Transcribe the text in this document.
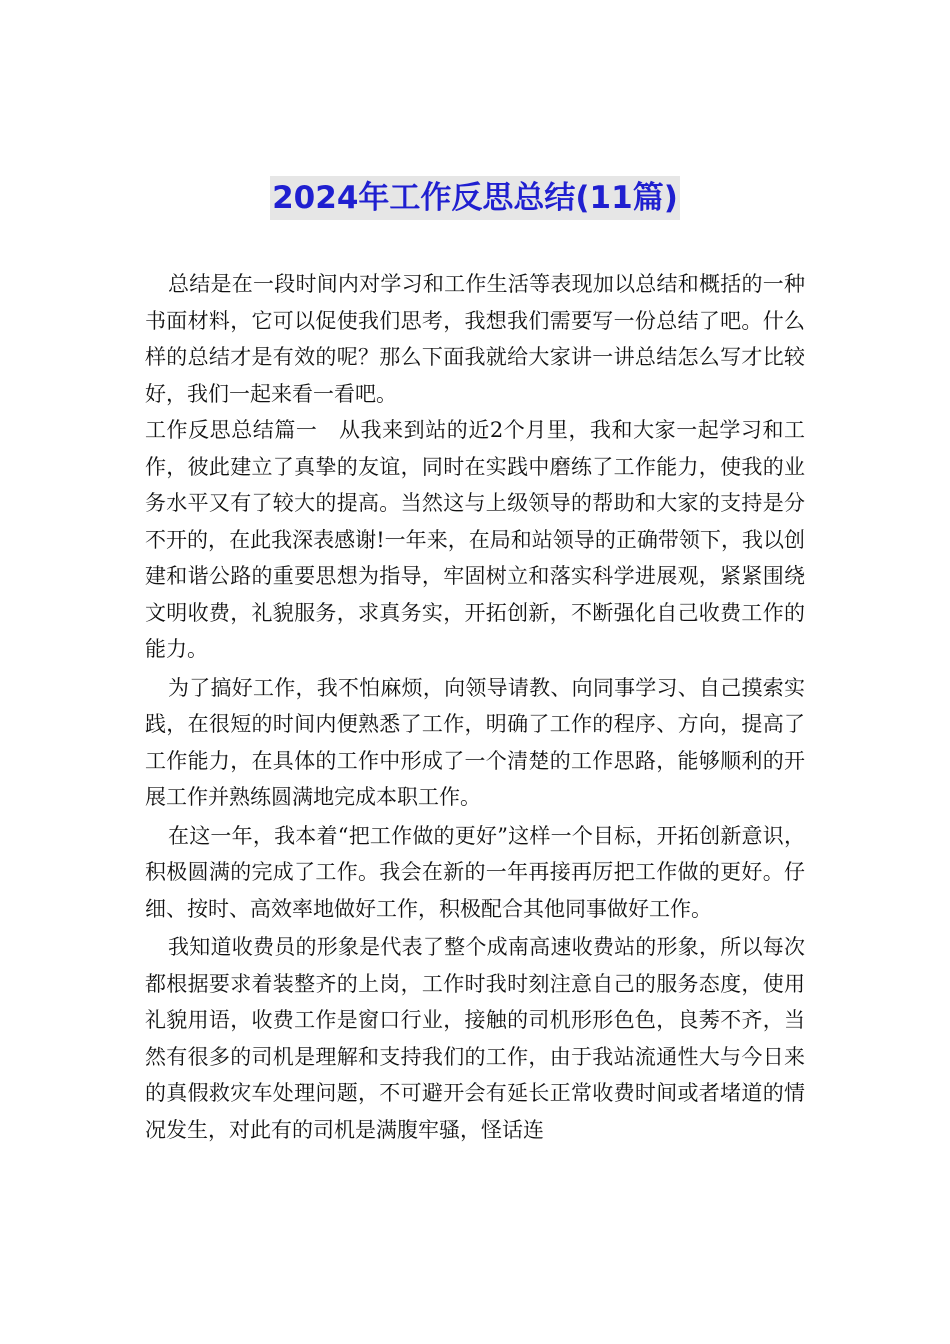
2024年工作反思总结(11篇)

总结是在一段时间内对学习和工作生活等表现加以总结和概括的一种书面材料，它可以促使我们思考，我想我们需要写一份总结了吧。什么样的总结才是有效的呢？那么下面我就给大家讲一讲总结怎么写才比较好，我们一起来看一看吧。

工作反思总结篇一　从我来到站的近2个月里，我和大家一起学习和工作，彼此建立了真挚的友谊，同时在实践中磨练了工作能力，使我的业务水平又有了较大的提高。当然这与上级领导的帮助和大家的支持是分不开的，在此我深表感谢!一年来，在局和站领导的正确带领下，我以创建和谐公路的重要思想为指导，牢固树立和落实科学进展观，紧紧围绕文明收费，礼貌服务，求真务实，开拓创新，不断强化自己收费工作的能力。

为了搞好工作，我不怕麻烦，向领导请教、向同事学习、自己摸索实践，在很短的时间内便熟悉了工作，明确了工作的程序、方向，提高了工作能力，在具体的工作中形成了一个清楚的工作思路，能够顺利的开展工作并熟练圆满地完成本职工作。

在这一年，我本着“把工作做的更好”这样一个目标，开拓创新意识，积极圆满的完成了工作。我会在新的一年再接再厉把工作做的更好。仔细、按时、高效率地做好工作，积极配合其他同事做好工作。

我知道收费员的形象是代表了整个成南高速收费站的形象，所以每次都根据要求着装整齐的上岗，工作时我时刻注意自己的服务态度，使用礼貌用语，收费工作是窗口行业，接触的司机形形色色，良莠不齐，当然有很多的司机是理解和支持我们的工作，由于我站流通性大与今日来的真假救灾车处理问题，不可避开会有延长正常收费时间或者堵道的情况发生，对此有的司机是满腹牢骚，怪话连
